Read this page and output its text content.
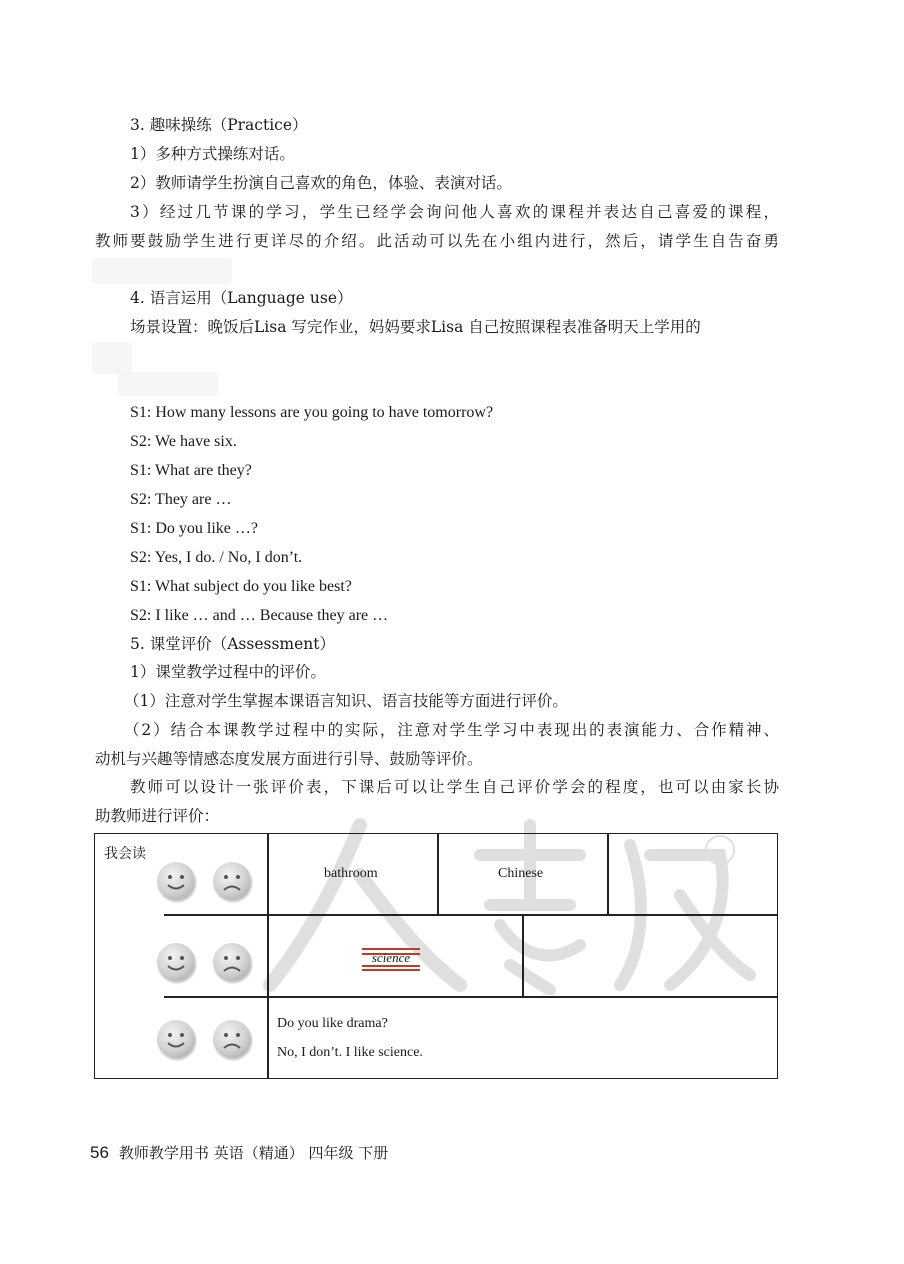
3. 趣味操练（Practice）
1）多种方式操练对话。
2）教师请学生扮演自己喜欢的角色，体验、表演对话。
3）经过几节课的学习，学生已经学会询问他人喜欢的课程并表达自己喜爱的课程，
教师要鼓励学生进行更详尽的介绍。此活动可以先在小组内进行，然后，请学生自告奋勇
4. 语言运用（Language use）
场景设置：晚饭后Lisa 写完作业，妈妈要求Lisa 自己按照课程表准备明天上学用的
S1: How many lessons are you going to have tomorrow?
S2: We have six.
S1: What are they?
S2: They are …
S1: Do you like …?
S2: Yes, I do. / No, I don’t.
S1: What subject do you like best?
S2: I like … and … Because they are …
5. 课堂评价（Assessment）
1）课堂教学过程中的评价。
（1）注意对学生掌握本课语言知识、语言技能等方面进行评价。
（2）结合本课教学过程中的实际，注意对学生学习中表现出的表演能力、合作精神、
动机与兴趣等情感态度发展方面进行引导、鼓励等评价。
教师可以设计一张评价表，下课后可以让学生自己评价学会的程度，也可以由家长协
助教师进行评价：
我会读
bathroom	Chinese
science
Do you like drama?
No, I don’t. I like science.
56 教师教学用书 英语（精通） 四年级 下册
